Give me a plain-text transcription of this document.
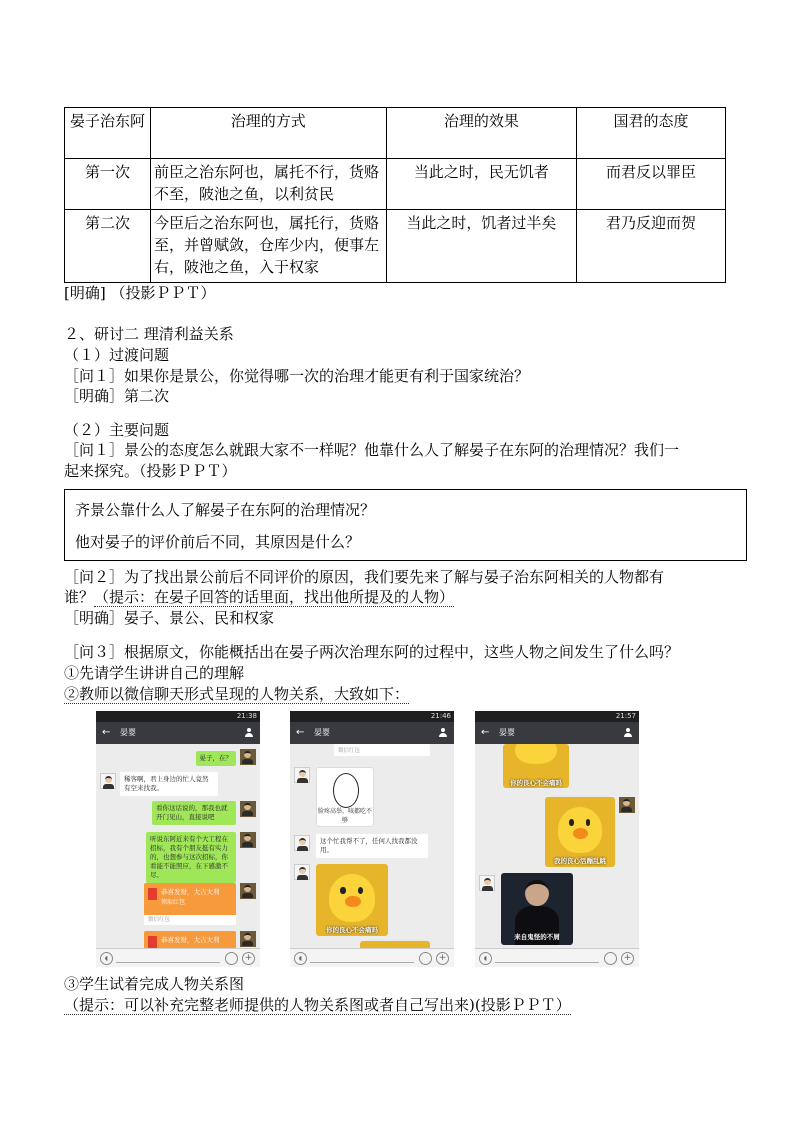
晏子治东阿	治理的方式	治理的效果	国君的态度
第一次	前臣之治东阿也，属托不行，货赂不至，陂池之鱼，以利贫民	当此之时，民无饥者	而君反以罪臣
第二次	今臣后之治东阿也，属托行，货赂至，并曾赋敛，仓库少内，便事左右，陂池之鱼，入于权家	当此之时，饥者过半矣	君乃反迎而贺
[明确] （投影ＰＰＴ）
２、研讨二 理清利益关系
（１）过渡问题
［问１］如果你是景公，你觉得哪一次的治理才能更有利于国家统治？
［明确］第二次
（２）主要问题
［问１］景公的态度怎么就跟大家不一样呢？他靠什么人了解晏子在东阿的治理情况？我们一
起来探究。（投影ＰＰＴ）
齐景公靠什么人了解晏子在东阿的治理情况？
他对晏子的评价前后不同，其原因是什么？
［问２］为了找出景公前后不同评价的原因，我们要先来了解与晏子治东阿相关的人物都有
谁？（提示：在晏子回答的话里面，找出他所提及的人物）
［明确］晏子、景公、民和权家
［问３］根据原文，你能概括出在晏子两次治理东阿的过程中，这些人物之间发生了什么吗？
①先请学生讲讲自己的理解
②教师以微信聊天形式呈现的人物关系，大致如下：
21:38
← 晏婴
晏子，在？
稀客啊，君上身边的忙人竟然有空来找我。
看你这话说的，那我也就开门见山，直接说吧
听说东阿近来有个大工程在招标，我有个朋友挺有实力的，也想参与这次招标，你看能不能照应，在下感激不尽。
恭喜发财，大吉大利
领取红包
微信红包
恭喜发财，大吉大利
◖	+
21:46
← 晏婴
微信红包
脸疼高举，咳都吃不够
这个忙我帮不了，任何人找我都没用。
你的良心不会痛吗
◖	+
21:57
← 晏婴
你的良心不会痛吗
我的良心活蹦乱跳
来自鬼怪的不屑
◖	+
③学生试着完成人物关系图
（提示：可以补充完整老师提供的人物关系图或者自己写出来)(投影ＰＰＴ）
